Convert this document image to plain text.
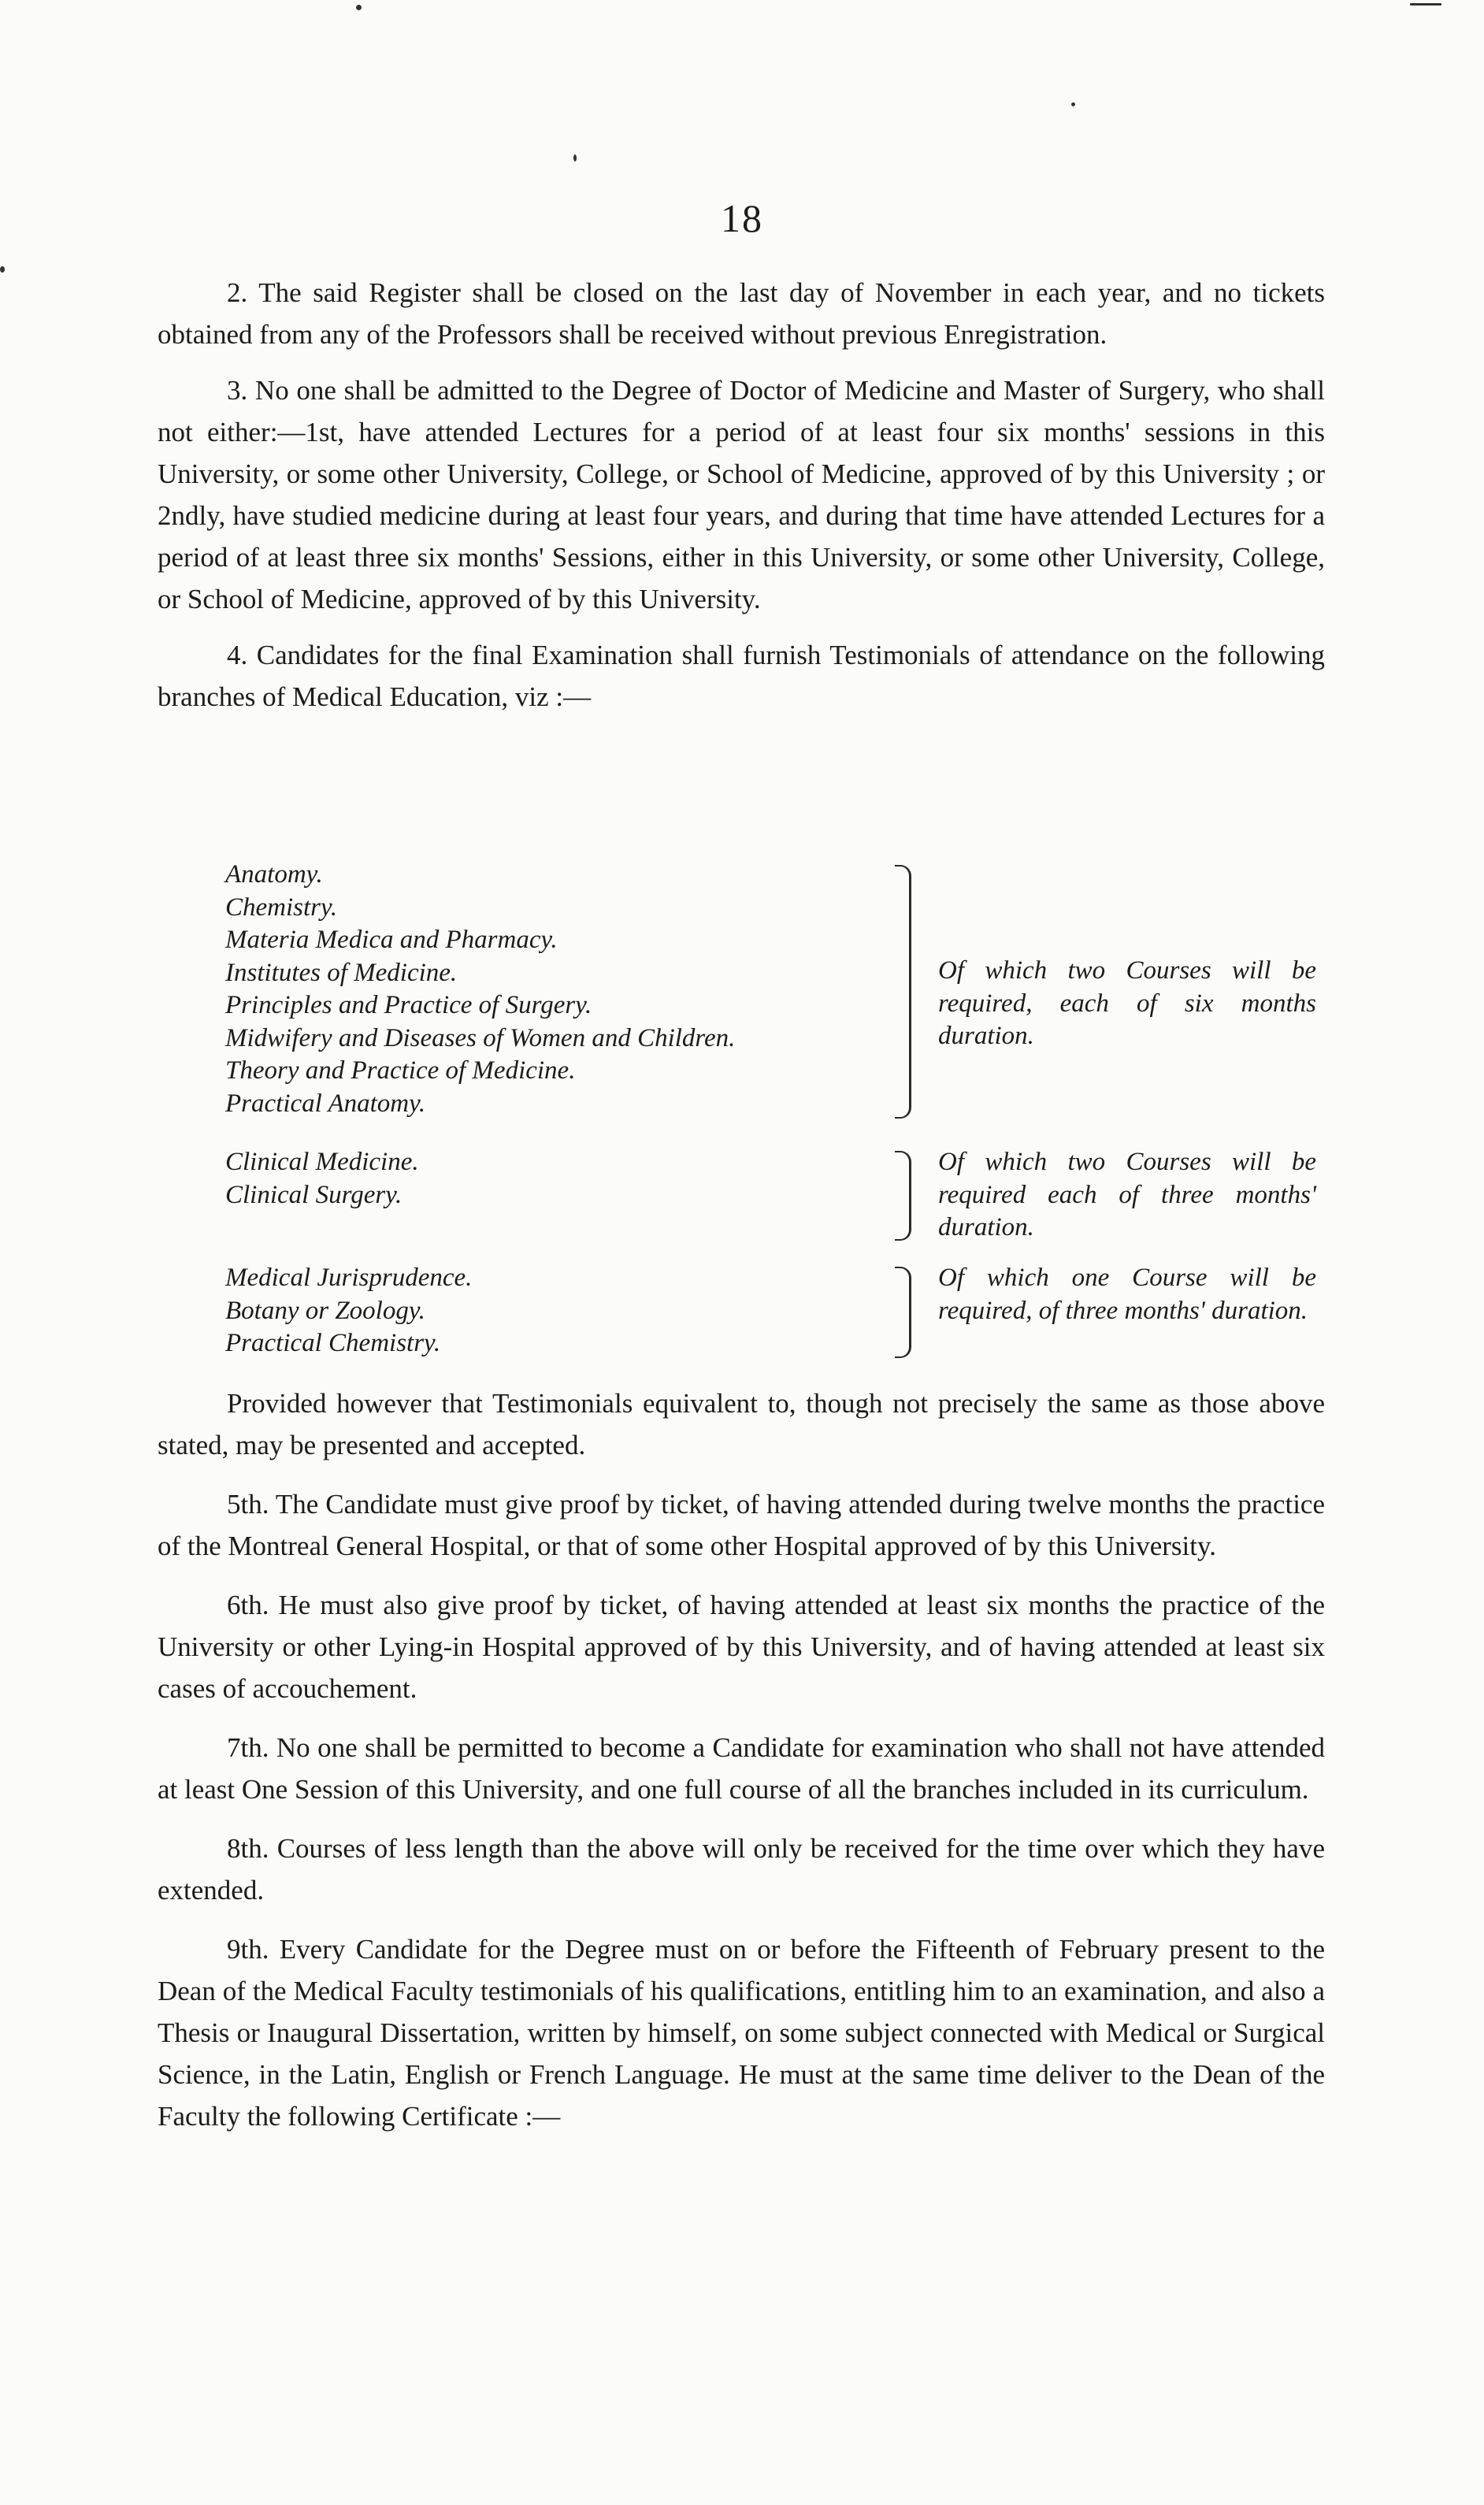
18

2. The said Register shall be closed on the last day of November in each year, and no tickets obtained from any of the Professors shall be received without previous Enregistration.

3. No one shall be admitted to the Degree of Doctor of Medicine and Master of Surgery, who shall not either:—1st, have attended Lectures for a period of at least four six months' sessions in this University, or some other University, College, or School of Medicine, approved of by this University ; or 2ndly, have studied medicine during at least four years, and during that time have attended Lectures for a period of at least three six months' Sessions, either in this University, or some other University, College, or School of Medicine, approved of by this University.

4. Candidates for the final Examination shall furnish Testimonials of attendance on the following branches of Medical Education, viz :—

Anatomy.
Chemistry.
Materia Medica and Pharmacy.
Institutes of Medicine.
Principles and Practice of Surgery.
Midwifery and Diseases of Women and Children.
Theory and Practice of Medicine.
Practical Anatomy.
Of which two Courses will be required, each of six months duration.
Clinical Medicine.
Clinical Surgery.
Of which two Courses will be required each of three months' duration.
Medical Jurisprudence.
Botany or Zoology.
Practical Chemistry.
Of which one Course will be required, of three months' duration.

Provided however that Testimonials equivalent to, though not precisely the same as those above stated, may be presented and accepted.

5th. The Candidate must give proof by ticket, of having attended during twelve months the practice of the Montreal General Hospital, or that of some other Hospital approved of by this University.

6th. He must also give proof by ticket, of having attended at least six months the practice of the University or other Lying-in Hospital approved of by this University, and of having attended at least six cases of accouchement.

7th. No one shall be permitted to become a Candidate for examination who shall not have attended at least One Session of this University, and one full course of all the branches included in its curriculum.

8th. Courses of less length than the above will only be received for the time over which they have extended.

9th. Every Candidate for the Degree must on or before the Fifteenth of February present to the Dean of the Medical Faculty testimonials of his qualifications, entitling him to an examination, and also a Thesis or Inaugural Dissertation, written by himself, on some subject connected with Medical or Surgical Science, in the Latin, English or French Language. He must at the same time deliver to the Dean of the Faculty the following Certificate :—
